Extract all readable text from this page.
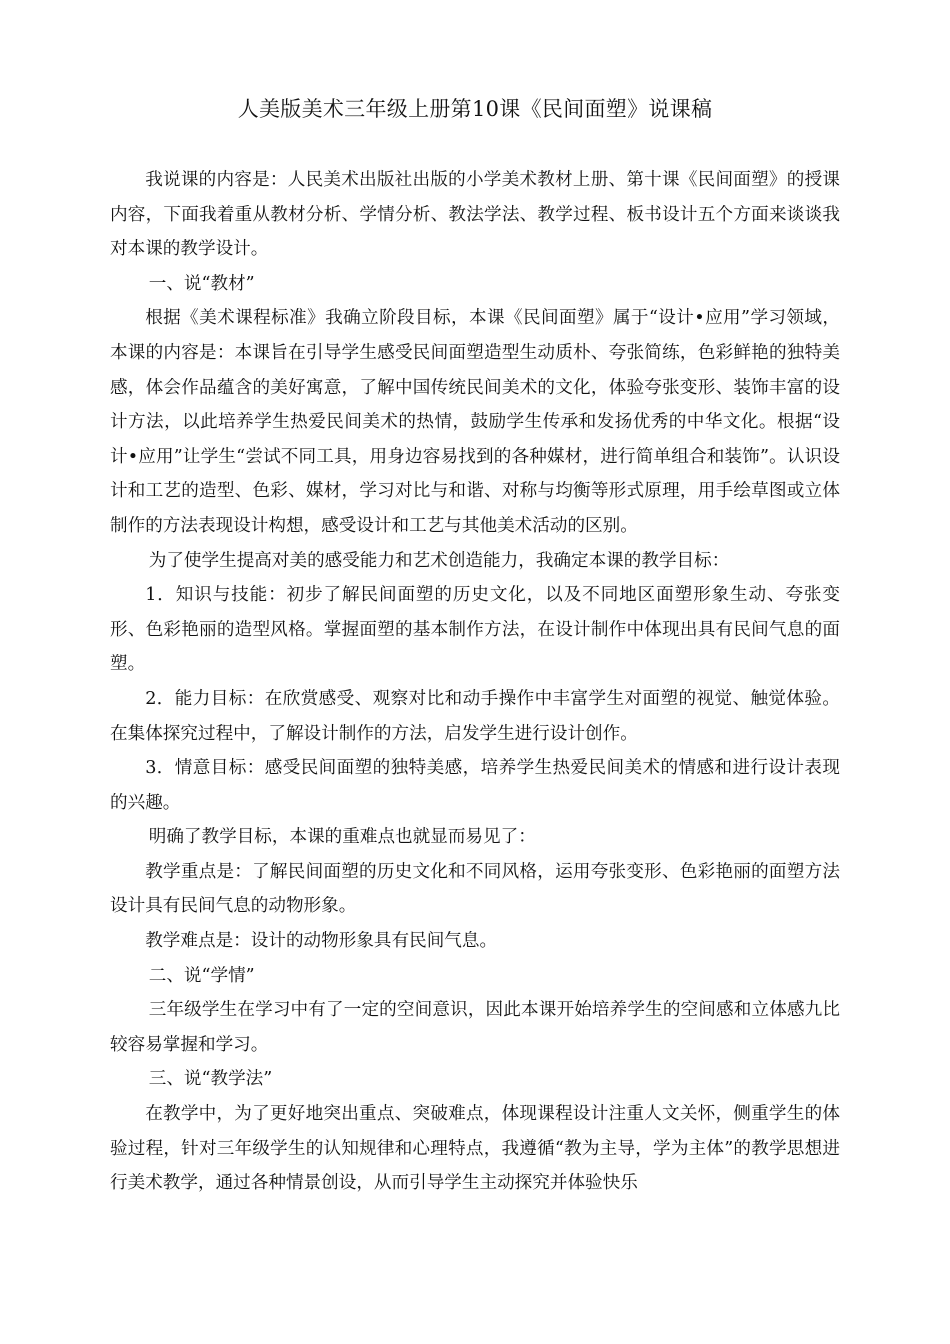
人美版美术三年级上册第10课《民间面塑》说课稿

我说课的内容是：人民美术出版社出版的小学美术教材上册、第十课《民间面塑》的授课内容，下面我着重从教材分析、学情分析、教法学法、教学过程、板书设计五个方面来谈谈我对本课的教学设计。

一、说“教材”

根据《美术课程标准》我确立阶段目标，本课《民间面塑》属于“设计•应用”学习领域，本课的内容是：本课旨在引导学生感受民间面塑造型生动质朴、夸张简练，色彩鲜艳的独特美感，体会作品蕴含的美好寓意，了解中国传统民间美术的文化，体验夸张变形、装饰丰富的设计方法，以此培养学生热爱民间美术的热情，鼓励学生传承和发扬优秀的中华文化。根据“设计•应用”让学生“尝试不同工具，用身边容易找到的各种媒材，进行简单组合和装饰”。认识设计和工艺的造型、色彩、媒材，学习对比与和谐、对称与均衡等形式原理，用手绘草图或立体制作的方法表现设计构想，感受设计和工艺与其他美术活动的区别。

为了使学生提高对美的感受能力和艺术创造能力，我确定本课的教学目标：

1．知识与技能：初步了解民间面塑的历史文化，以及不同地区面塑形象生动、夸张变形、色彩艳丽的造型风格。掌握面塑的基本制作方法，在设计制作中体现出具有民间气息的面塑。

2．能力目标：在欣赏感受、观察对比和动手操作中丰富学生对面塑的视觉、触觉体验。在集体探究过程中，了解设计制作的方法，启发学生进行设计创作。

3．情意目标：感受民间面塑的独特美感，培养学生热爱民间美术的情感和进行设计表现的兴趣。

明确了教学目标，本课的重难点也就显而易见了：

教学重点是：了解民间面塑的历史文化和不同风格，运用夸张变形、色彩艳丽的面塑方法设计具有民间气息的动物形象。

教学难点是：设计的动物形象具有民间气息。

二、说“学情”

三年级学生在学习中有了一定的空间意识，因此本课开始培养学生的空间感和立体感九比较容易掌握和学习。

三、说“教学法”

在教学中，为了更好地突出重点、突破难点，体现课程设计注重人文关怀，侧重学生的体验过程，针对三年级学生的认知规律和心理特点，我遵循“教为主导，学为主体”的教学思想进行美术教学，通过各种情景创设，从而引导学生主动探究并体验快乐
